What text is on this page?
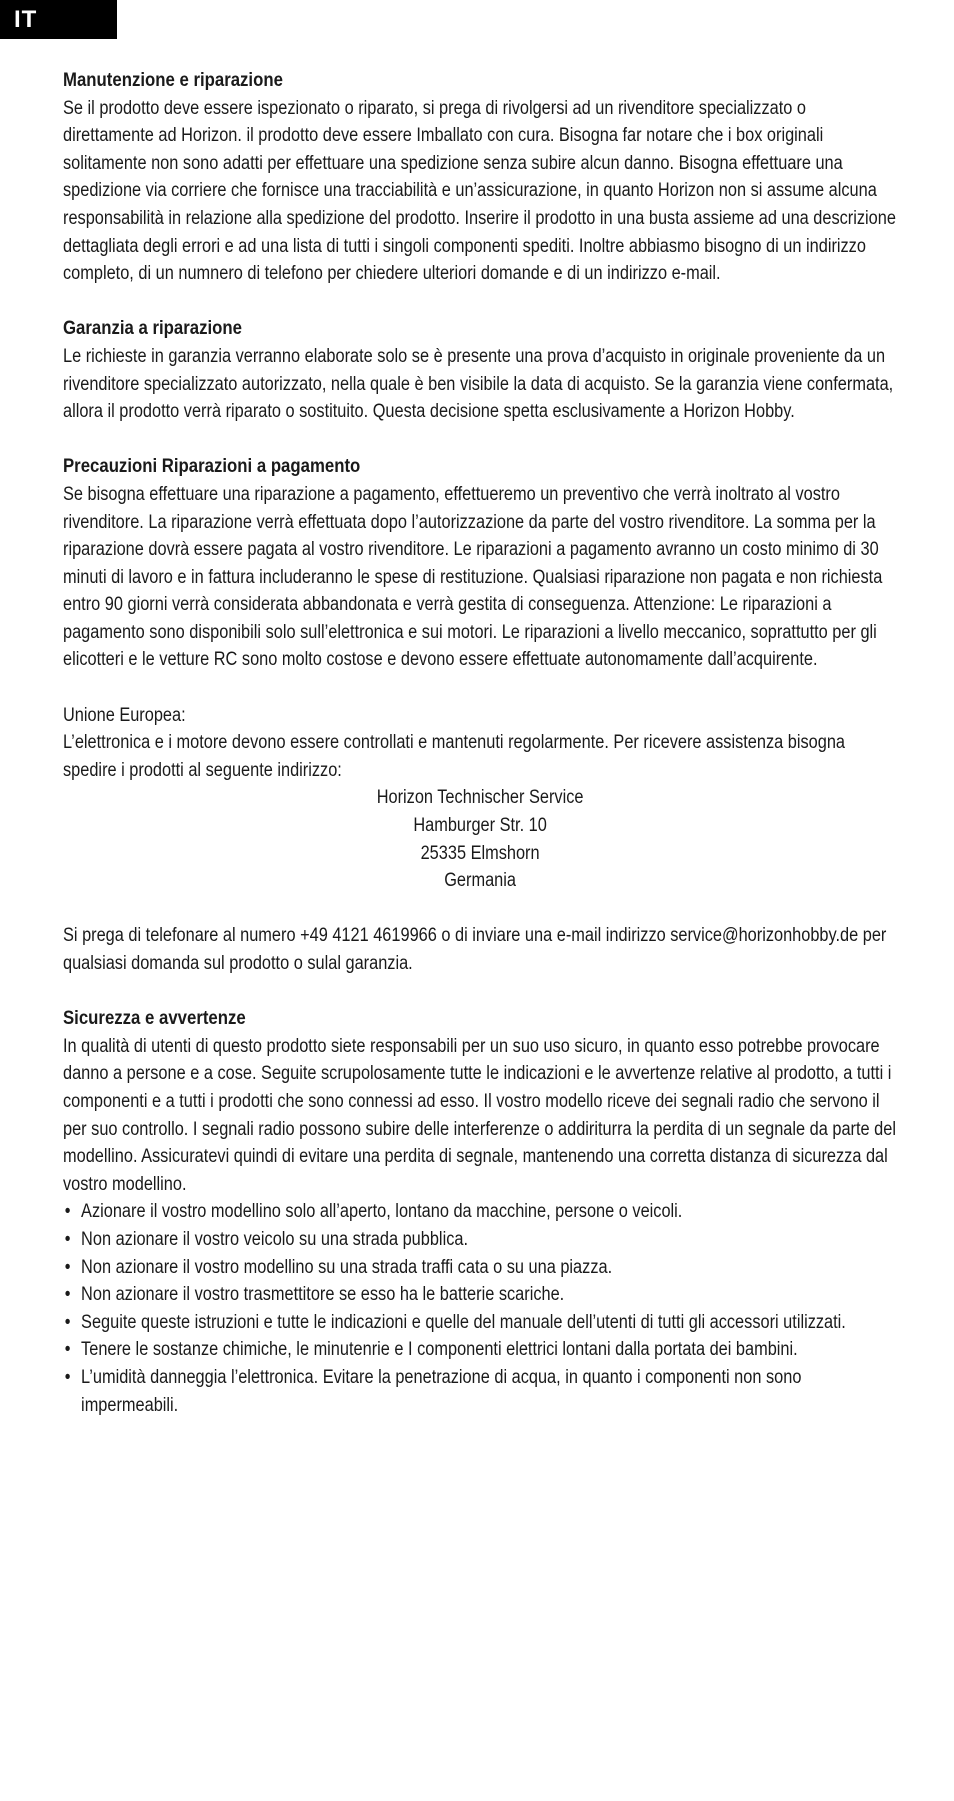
IT
Manutenzione e riparazione

Se il prodotto deve essere ispezionato o riparato, si prega di rivolgersi ad un rivenditore specializzato o direttamente ad Horizon. il prodotto deve essere Imballato con cura. Bisogna far notare che i box originali solitamente non sono adatti per effettuare una spedizione senza subire alcun danno. Bisogna effettuare una spedizione via corriere che fornisce una tracciabilità e un’assicurazione, in quanto Horizon non si assume alcuna responsabilità in relazione alla spedizione del prodotto. Inserire il prodotto in una busta assieme ad una descrizione dettagliata degli errori e ad una lista di tutti i singoli componenti spediti. Inoltre abbiasmo bisogno di un indirizzo completo, di un numnero di telefono per chiedere ulteriori domande e di un indirizzo e-mail.

Garanzia a riparazione

Le richieste in garanzia verranno elaborate solo se è presente una prova d’acquisto in originale proveniente da un rivenditore specializzato autorizzato, nella quale è ben visibile la data di acquisto. Se la garanzia viene confermata, allora il prodotto verrà riparato o sostituito. Questa decisione spetta esclusivamente a Horizon Hobby.

Precauzioni Riparazioni a pagamento

Se bisogna effettuare una riparazione a pagamento, effettueremo un preventivo che verrà inoltrato al vostro rivenditore. La riparazione verrà effettuata dopo l’autorizzazione da parte del vostro rivenditore. La somma per la riparazione dovrà essere pagata al vostro rivenditore. Le riparazioni a pagamento avranno un costo minimo di 30 minuti di lavoro e in fattura includeranno le spese di restituzione. Qualsiasi riparazione non pagata e non richiesta entro 90 giorni verrà considerata abbandonata e verrà gestita di conseguenza. Attenzione: Le riparazioni a pagamento sono disponibili solo sull’elettronica e sui motori. Le riparazioni a livello meccanico, soprattutto per gli elicotteri e le vetture RC sono molto costose e devono essere effettuate autonomamente dall’acquirente.

Unione Europea:

L’elettronica e i motore devono essere controllati e mantenuti regolarmente. Per ricevere assistenza bisogna spedire i prodotti al seguente indirizzo:

Horizon Technischer Service
Hamburger Str. 10
25335 Elmshorn
Germania

Si prega di telefonare al numero +49 4121 4619966 o di inviare una e-mail indirizzo service@horizonhobby.de per qualsiasi domanda sul prodotto o sulal garanzia.

Sicurezza e avvertenze

In qualità di utenti di questo prodotto siete responsabili per un suo uso sicuro, in quanto esso potrebbe provocare danno a persone e a cose. Seguite scrupolosamente tutte le indicazioni e le avvertenze relative al prodotto, a tutti i componenti e a tutti i prodotti che sono connessi ad esso. Il vostro modello riceve dei segnali radio che servono il per suo controllo. I segnali radio possono subire delle interferenze o addiriturra la perdita di un segnale da parte del modellino. Assicuratevi quindi di evitare una perdita di segnale, mantenendo una corretta distanza di sicurezza dal vostro modellino.

• Azionare il vostro modellino solo all’aperto, lontano da macchine, persone o veicoli.
• Non azionare il vostro veicolo su una strada pubblica.
• Non azionare il vostro modellino su una strada traffi cata o su una piazza.
• Non azionare il vostro trasmettitore se esso ha le batterie scariche.
• Seguite queste istruzioni e tutte le indicazioni e quelle del manuale dell’utenti di tutti gli accessori utilizzati.
• Tenere le sostanze chimiche, le minutenrie e I componenti elettrici lontani dalla portata dei bambini.
• L’umidità danneggia l’elettronica. Evitare la penetrazione di acqua, in quanto i componenti non sono impermeabili.
